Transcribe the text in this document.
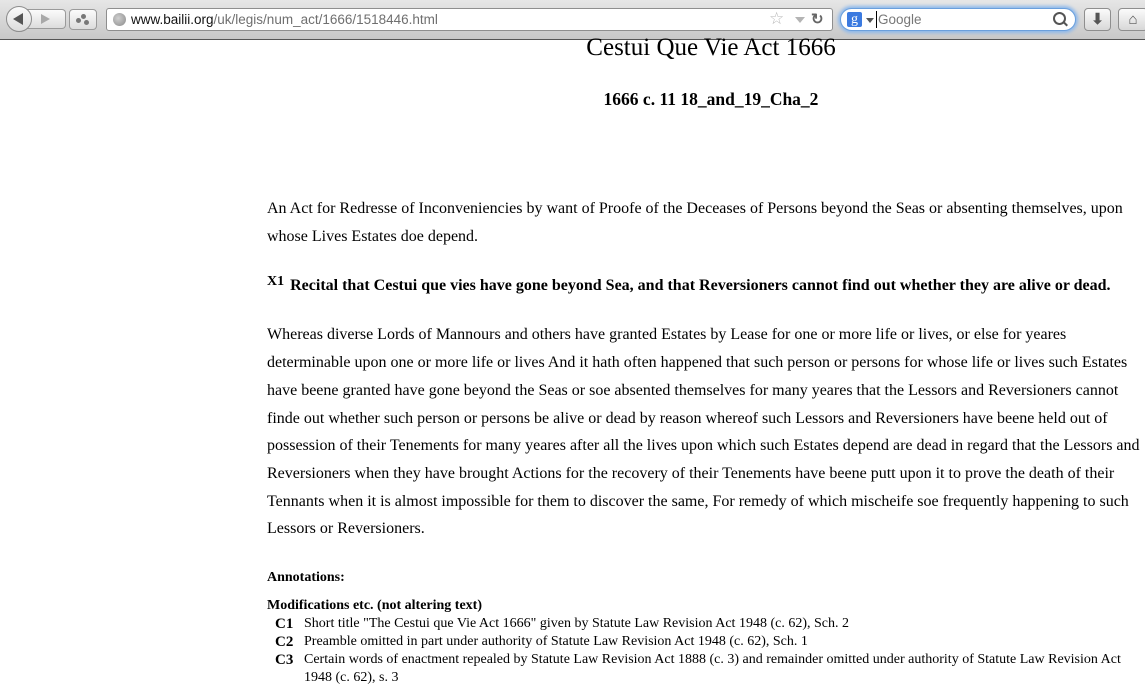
www.bailii.org/uk/legis/num_act/1666/1518446.html	☆ ↻ g
Google	⬇	⌂
Cestui Que Vie Act 1666
1666 c. 11 18_and_19_Cha_2

An Act for Redresse of Inconveniencies by want of Proofe of the Deceases of Persons beyond the Seas or absenting themselves, upon whose Lives Estates doe depend.

$^{X1}$ Recital that Cestui que vies have gone beyond Sea, and that Reversioners cannot find out whether they are alive or dead.

Whereas diverse Lords of Mannours and others have granted Estates by Lease for one or more life or lives, or else for yeares determinable upon one or more life or lives And it hath often happened that such person or persons for whose life or lives such Estates have beene granted have gone beyond the Seas or soe absented themselves for many yeares that the Lessors and Reversioners cannot finde out whether such person or persons be alive or dead by reason whereof such Lessors and Reversioners have beene held out of possession of their Tenements for many yeares after all the lives upon which such Estates depend are dead in regard that the Lessors and Reversioners when they have brought Actions for the recovery of their Tenements have beene putt upon it to prove the death of their Tennants when it is almost impossible for them to discover the same, For remedy of which mischeife soe frequently happening to such Lessors or Reversioners.

Annotations:
Modifications etc. (not altering text)
C1 Short title "The Cestui que Vie Act 1666" given by Statute Law Revision Act 1948 (c. 62), Sch. 2
C2 Preamble omitted in part under authority of Statute Law Revision Act 1948 (c. 62), Sch. 1
C3 Certain words of enactment repealed by Statute Law Revision Act 1888 (c. 3) and remainder omitted under authority of Statute Law Revision Act 1948 (c. 62), s. 3
